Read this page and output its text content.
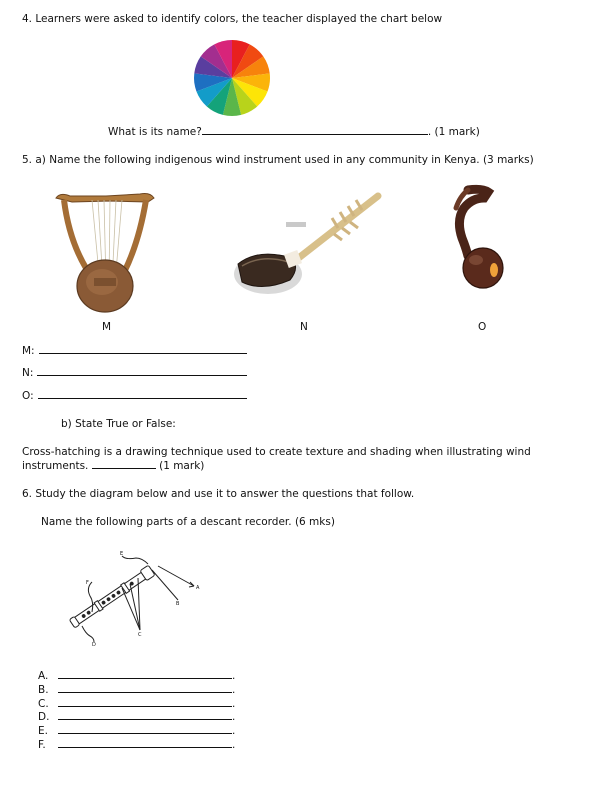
4. Learners were asked to identify colors, the teacher displayed the chart below
What is its name?	. (1 mark)
5. a) Name the following indigenous wind instrument used in any community in Kenya. (3 marks)
M	N	O
M:
N:
O:
b) State True or False:
Cross-hatching is a drawing technique used to create texture and shading when illustrating wind
instruments.	(1 mark)
6. Study the diagram below and use it to answer the questions that follow.
Name the following parts of a descant recorder. (6 mks)
E
A
F
B
C
D
A.	.
B.	.
C.	.
D.	.
E.	.
F.	.
